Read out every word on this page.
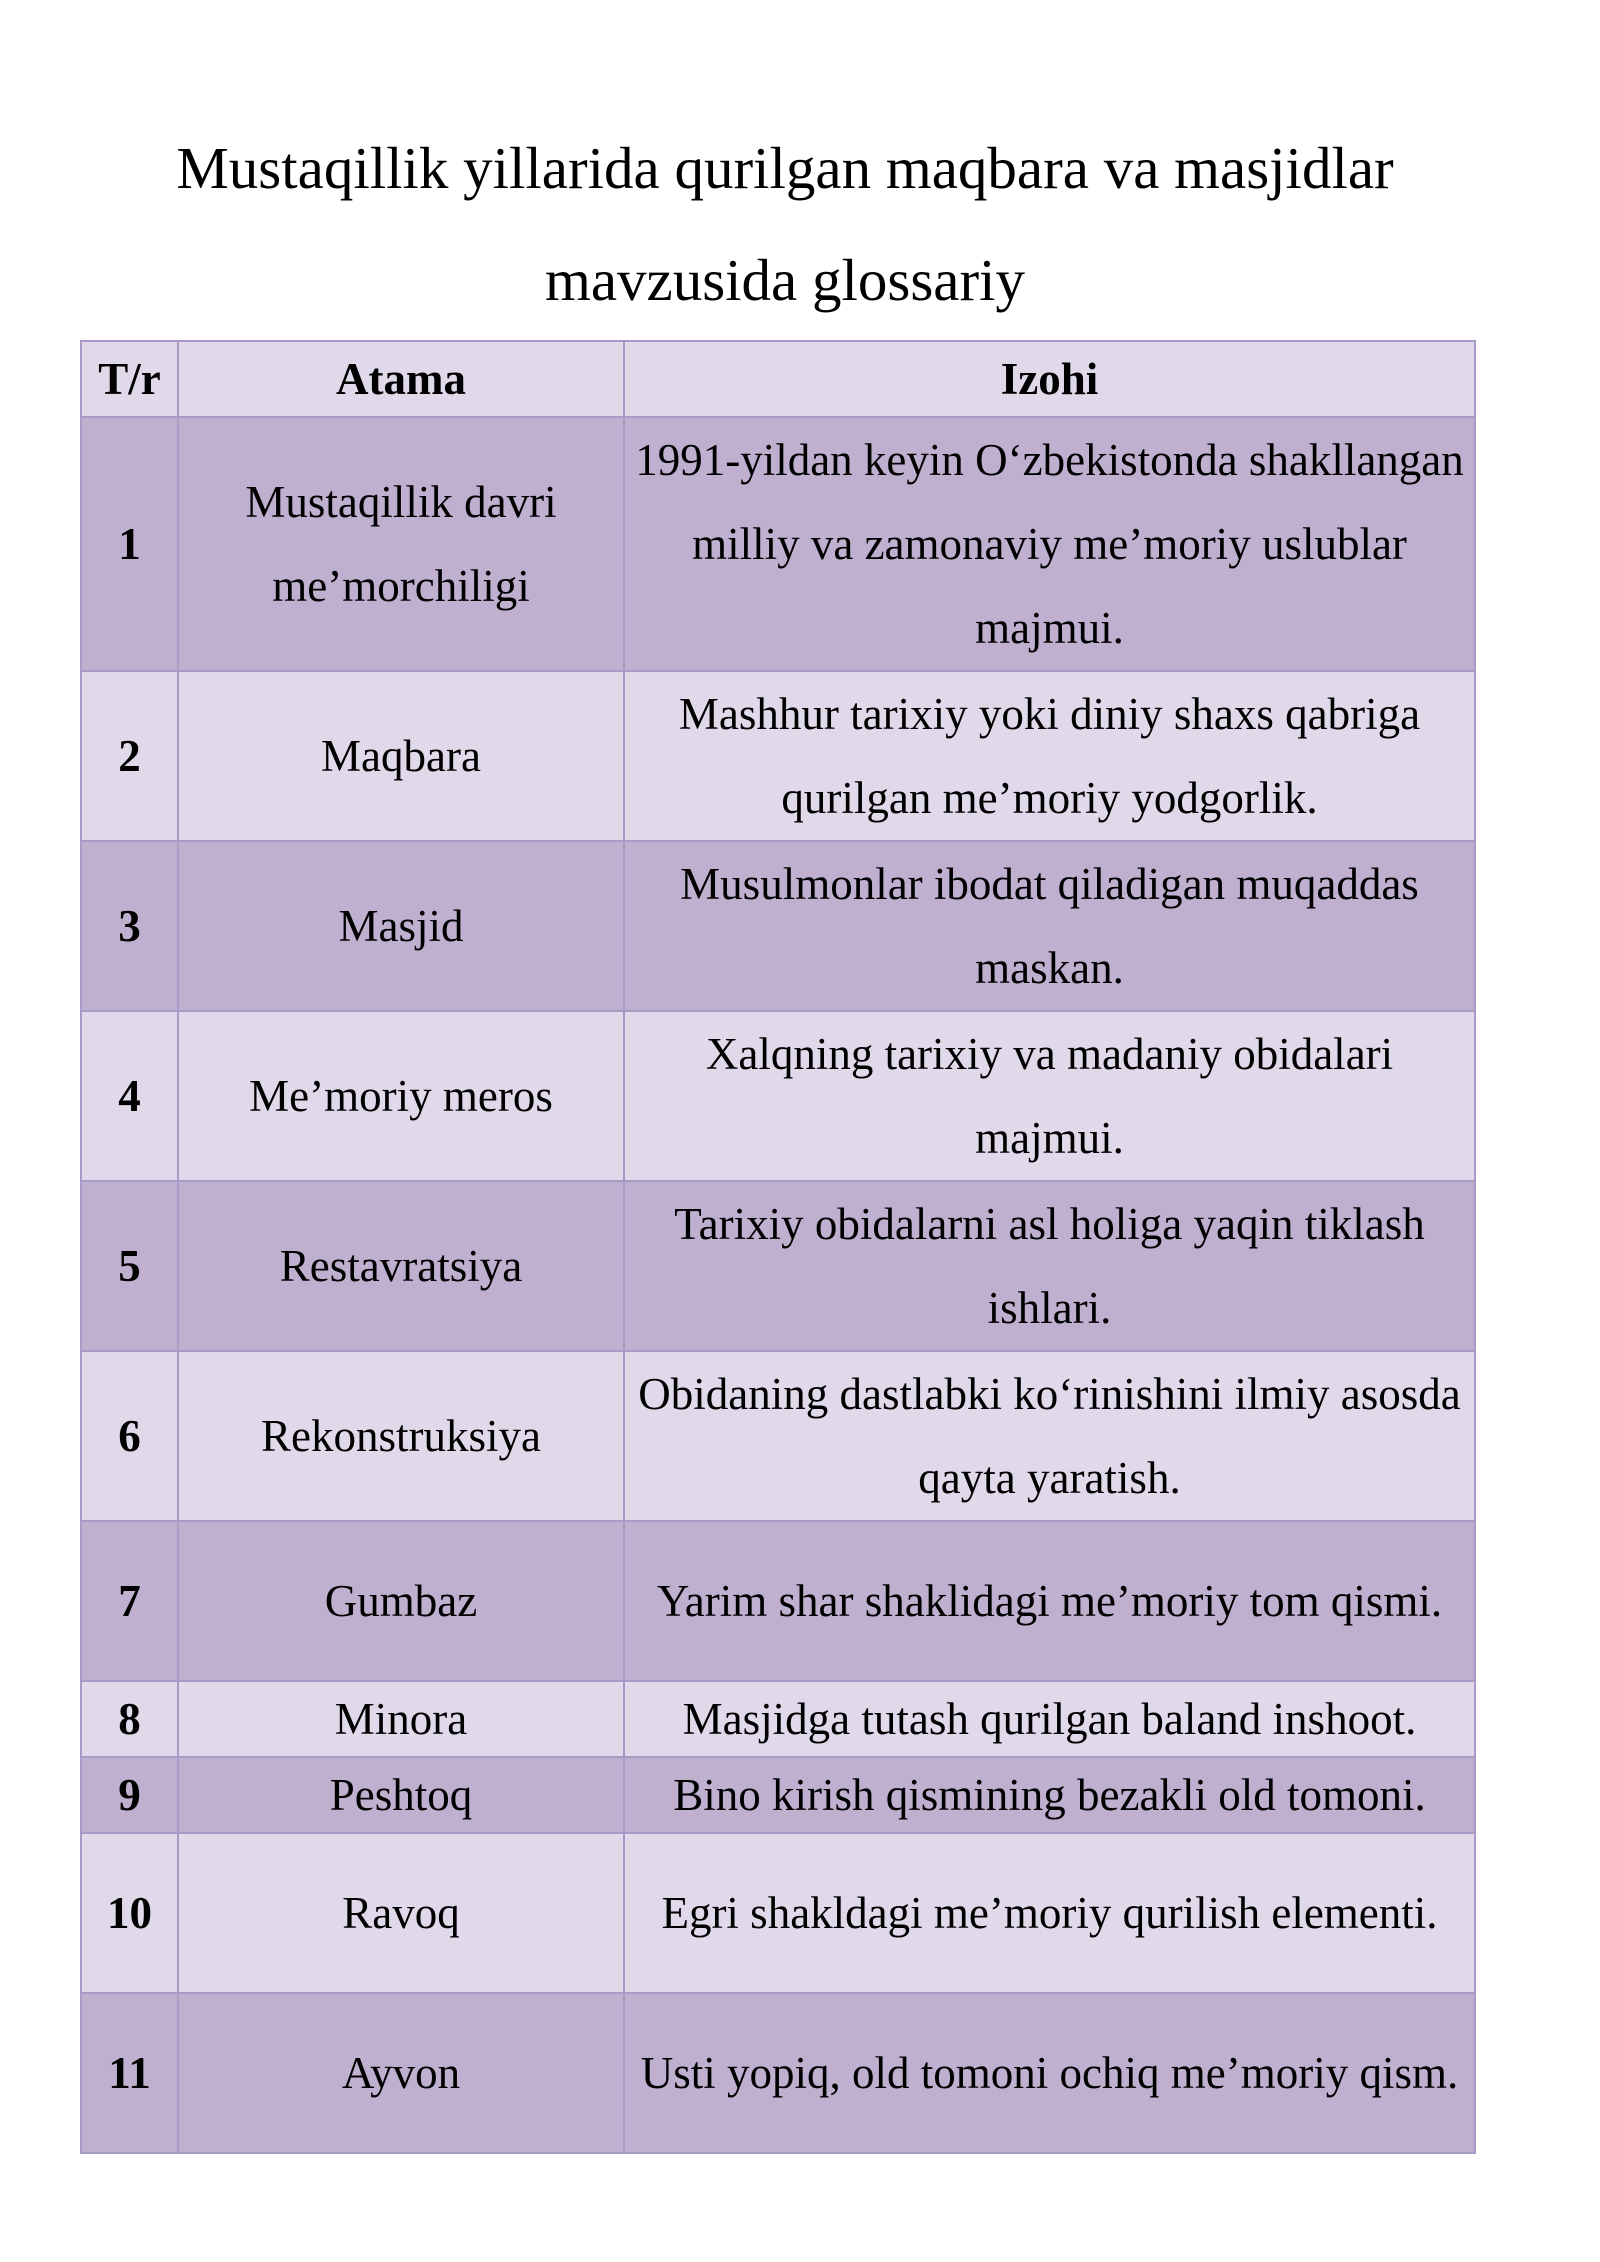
Mustaqillik yillarida qurilgan maqbara va masjidlar
mavzusida glossariy
T/r	Atama	Izohi
1	Mustaqillik davri me’morchiligi	1991-yildan keyin O‘zbekistonda shakllangan milliy va zamonaviy me’moriy uslublar majmui.
2	Maqbara	Mashhur tarixiy yoki diniy shaxs qabriga qurilgan me’moriy yodgorlik.
3	Masjid	Musulmonlar ibodat qiladigan muqaddas maskan.
4	Me’moriy meros	Xalqning tarixiy va madaniy obidalari majmui.
5	Restavratsiya	Tarixiy obidalarni asl holiga yaqin tiklash ishlari.
6	Rekonstruksiya	Obidaning dastlabki ko‘rinishini ilmiy asosda qayta yaratish.
7	Gumbaz	Yarim shar shaklidagi me’moriy tom qismi.
8	Minora	Masjidga tutash qurilgan baland inshoot.
9	Peshtoq	Bino kirish qismining bezakli old tomoni.
10	Ravoq	Egri shakldagi me’moriy qurilish elementi.
11	Ayvon	Usti yopiq, old tomoni ochiq me’moriy qism.
